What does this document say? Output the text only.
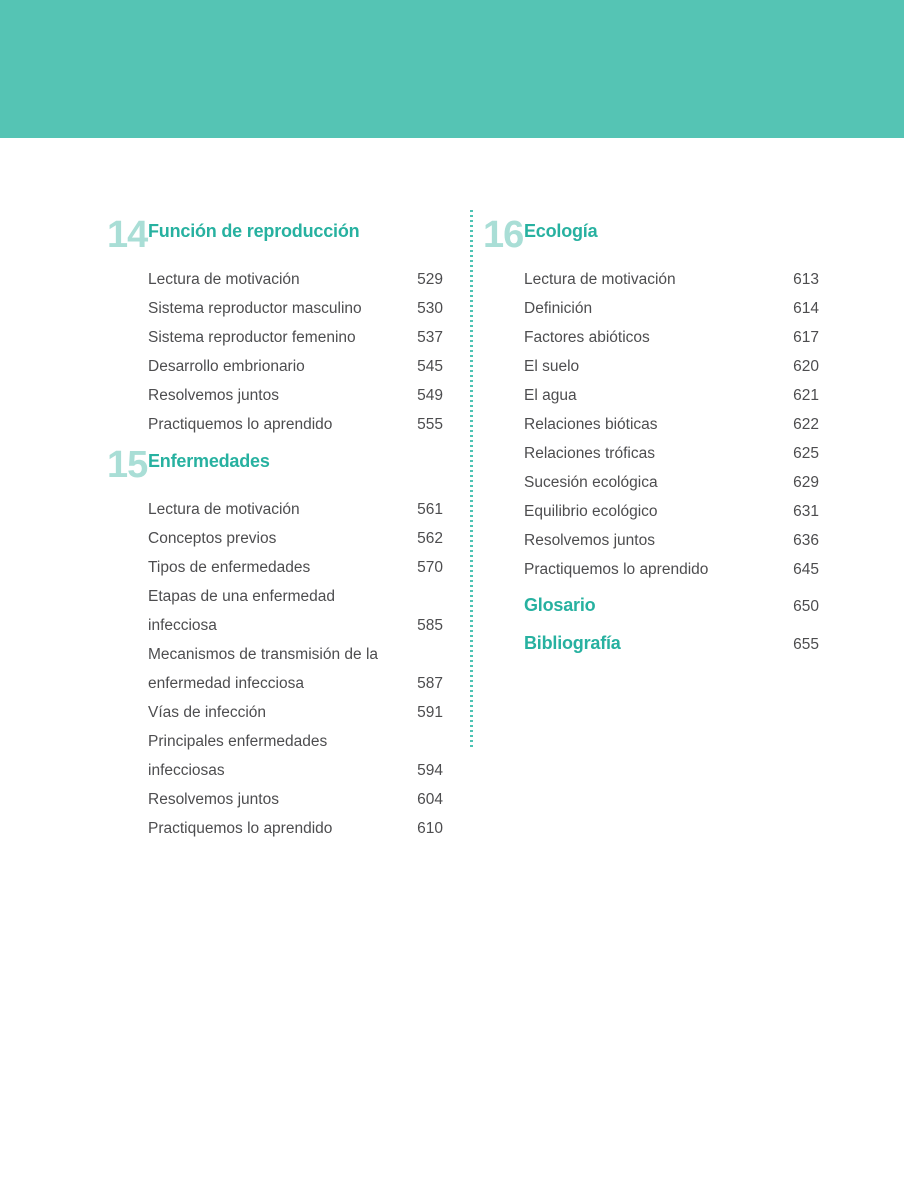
14 Función de reproducción
Lectura de motivación	529
Sistema reproductor masculino	530
Sistema reproductor femenino	537
Desarrollo embrionario	545
Resolvemos juntos	549
Practiquemos lo aprendido	555
15 Enfermedades
Lectura de motivación	561
Conceptos previos	562
Tipos de enfermedades	570
Etapas de una enfermedad infecciosa	585
Mecanismos de transmisión de la enfermedad infecciosa	587
Vías de infección	591
Principales enfermedades infecciosas	594
Resolvemos juntos	604
Practiquemos lo aprendido	610
16 Ecología
Lectura de motivación	613
Definición	614
Factores abióticos	617
El suelo	620
El agua	621
Relaciones bióticas	622
Relaciones tróficas	625
Sucesión ecológica	629
Equilibrio ecológico	631
Resolvemos juntos	636
Practiquemos lo aprendido	645
Glosario	650
Bibliografía	655
